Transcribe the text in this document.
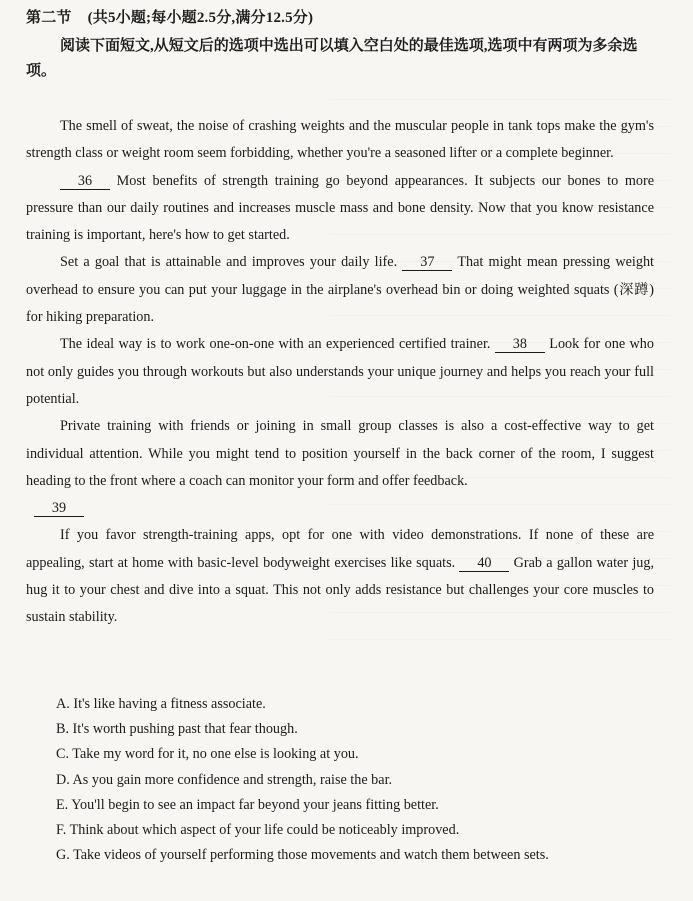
第二节 (共5小题;每小题2.5分,满分12.5分)

阅读下面短文,从短文后的选项中选出可以填入空白处的最佳选项,选项中有两项为多余选项。

The smell of sweat, the noise of crashing weights and the muscular people in tank tops make the gym's strength class or weight room seem forbidding, whether you're a seasoned lifter or a complete beginner.

36 Most benefits of strength training go beyond appearances. It subjects our bones to more pressure than our daily routines and increases muscle mass and bone density. Now that you know resistance training is important, here's how to get started.

Set a goal that is attainable and improves your daily life. 37 That might mean pressing weight overhead to ensure you can put your luggage in the airplane's overhead bin or doing weighted squats (深蹲) for hiking preparation.

The ideal way is to work one-on-one with an experienced certified trainer. 38 Look for one who not only guides you through workouts but also understands your unique journey and helps you reach your full potential.

Private training with friends or joining in small group classes is also a cost-effective way to get individual attention. While you might tend to position yourself in the back corner of the room, I suggest heading to the front where a coach can monitor your form and offer feedback.

39

If you favor strength-training apps, opt for one with video demonstrations. If none of these are appealing, start at home with basic-level bodyweight exercises like squats. 40 Grab a gallon water jug, hug it to your chest and dive into a squat. This not only adds resistance but challenges your core muscles to sustain stability.

A. It's like having a fitness associate.
B. It's worth pushing past that fear though.
C. Take my word for it, no one else is looking at you.
D. As you gain more confidence and strength, raise the bar.
E. You'll begin to see an impact far beyond your jeans fitting better.
F. Think about which aspect of your life could be noticeably improved.
G. Take videos of yourself performing those movements and watch them between sets.
